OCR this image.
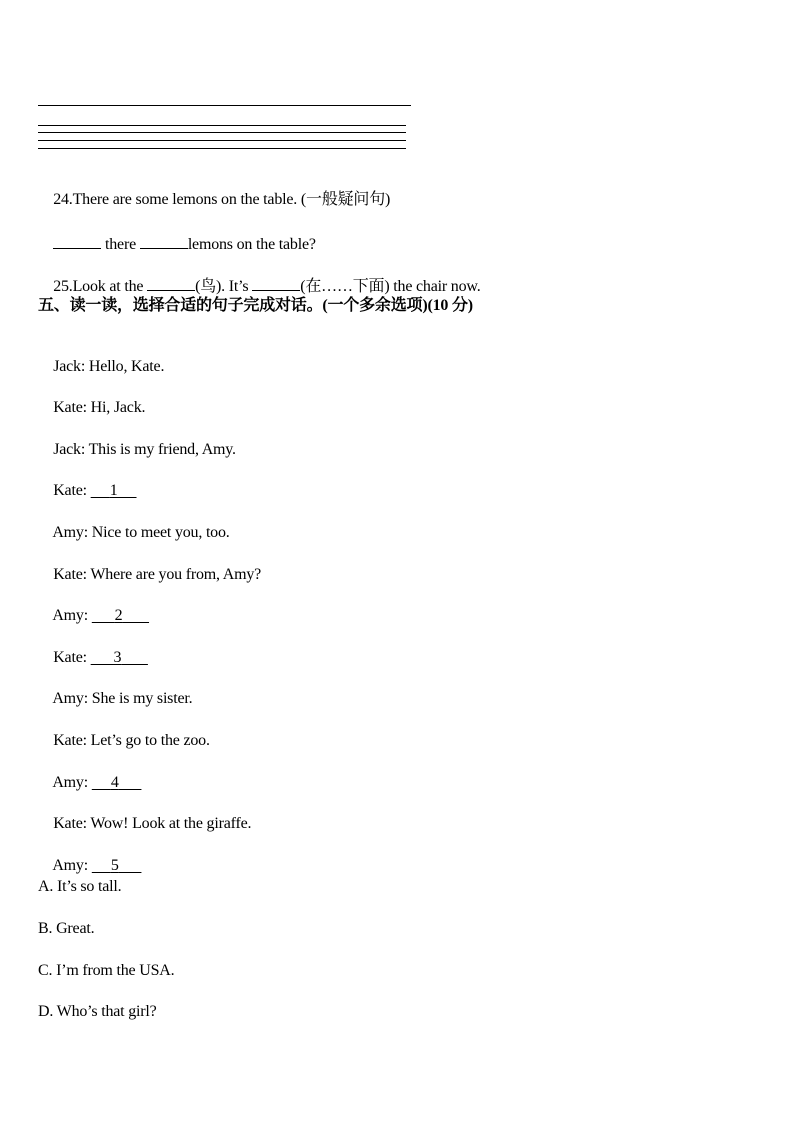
24.There are some lemons on the table. (一般疑问句)

there	lemons on the table?

25.Look at the	(鸟). It’s	(在……下面) the chair now.

五、读一读，选择合适的句子完成对话。(一个多余选项)(10 分)

Jack: Hello, Kate.

Kate: Hi, Jack.

Jack: This is my friend, Amy.

Kate: 1

Amy: Nice to meet you, too.

Kate: Where are you from, Amy?

Amy: 2

Kate: 3

Amy: She is my sister.

Kate: Let’s go to the zoo.

Amy: 4

Kate: Wow! Look at the giraffe.

Amy: 5

A. It’s so tall.
B. Great.
C. I’m from the USA.
D. Who’s that girl?
